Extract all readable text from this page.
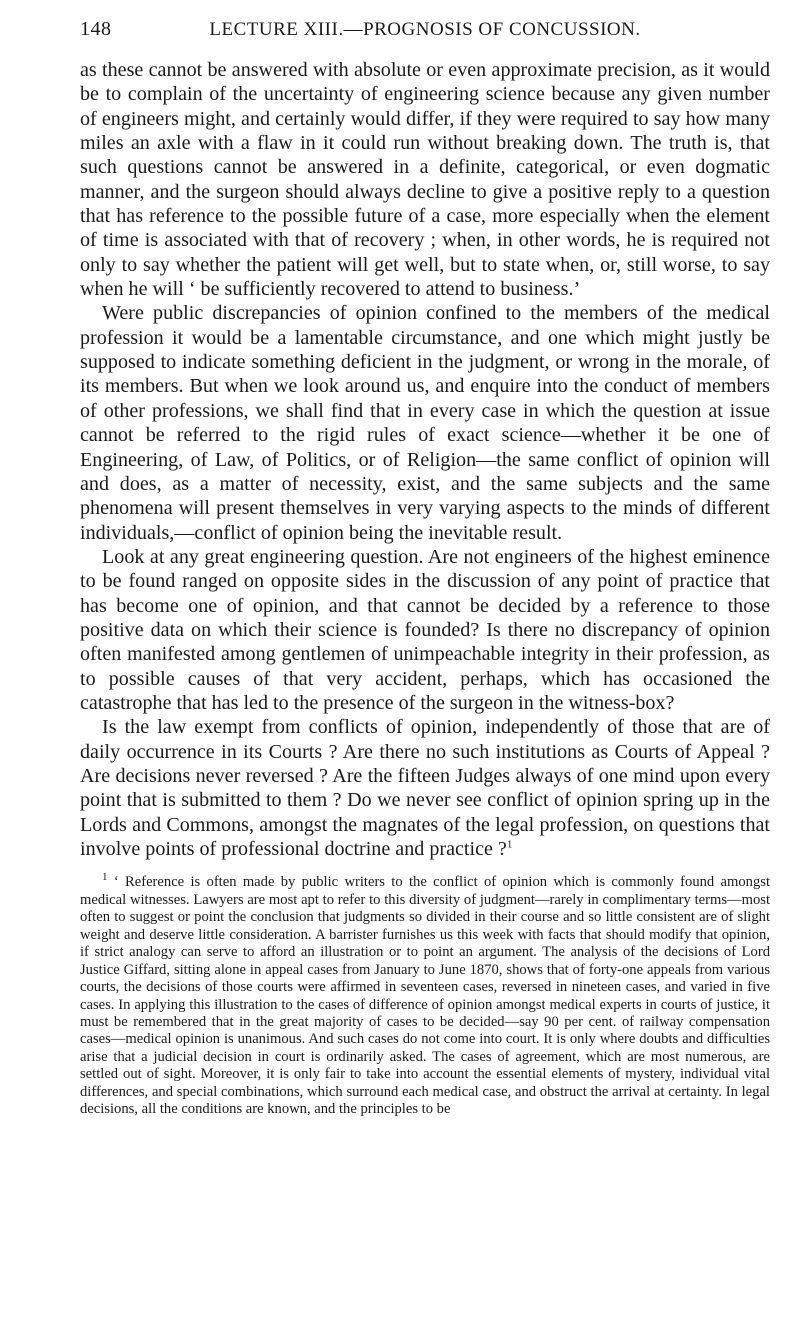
148	LECTURE XIII.—PROGNOSIS OF CONCUSSION.

as these cannot be answered with absolute or even approximate precision, as it would be to complain of the uncertainty of engineering science because any given number of engineers might, and certainly would differ, if they were required to say how many miles an axle with a flaw in it could run without breaking down. The truth is, that such questions cannot be answered in a definite, categorical, or even dogmatic manner, and the surgeon should always decline to give a positive reply to a question that has reference to the possible future of a case, more especially when the element of time is associated with that of recovery ; when, in other words, he is required not only to say whether the patient will get well, but to state when, or, still worse, to say when he will ‘ be sufficiently recovered to attend to business.’

Were public discrepancies of opinion confined to the members of the medical profession it would be a lamentable circumstance, and one which might justly be supposed to indicate something deficient in the judgment, or wrong in the morale, of its members. But when we look around us, and enquire into the conduct of members of other professions, we shall find that in every case in which the question at issue cannot be referred to the rigid rules of exact science—whether it be one of Engineering, of Law, of Politics, or of Religion—the same conflict of opinion will and does, as a matter of necessity, exist, and the same subjects and the same phenomena will present themselves in very varying aspects to the minds of different individuals,—conflict of opinion being the inevitable result.

Look at any great engineering question. Are not engineers of the highest eminence to be found ranged on opposite sides in the discussion of any point of practice that has become one of opinion, and that cannot be decided by a reference to those positive data on which their science is founded? Is there no discrepancy of opinion often manifested among gentlemen of unimpeachable integrity in their profession, as to possible causes of that very accident, perhaps, which has occasioned the catastrophe that has led to the presence of the surgeon in the witness-box?

Is the law exempt from conflicts of opinion, independently of those that are of daily occurrence in its Courts ? Are there no such institutions as Courts of Appeal ? Are decisions never reversed ? Are the fifteen Judges always of one mind upon every point that is submitted to them ? Do we never see conflict of opinion spring up in the Lords and Commons, amongst the magnates of the legal profession, on questions that involve points of professional doctrine and practice ?$^1$

$^1$ ‘ Reference is often made by public writers to the conflict of opinion which is commonly found amongst medical witnesses. Lawyers are most apt to refer to this diversity of judgment—rarely in complimentary terms—most often to suggest or point the conclusion that judgments so divided in their course and so little consistent are of slight weight and deserve little consideration. A barrister furnishes us this week with facts that should modify that opinion, if strict analogy can serve to afford an illustration or to point an argument. The analysis of the decisions of Lord Justice Giffard, sitting alone in appeal cases from January to June 1870, shows that of forty-one appeals from various courts, the decisions of those courts were affirmed in seventeen cases, reversed in nineteen cases, and varied in five cases. In applying this illustration to the cases of difference of opinion amongst medical experts in courts of justice, it must be remembered that in the great majority of cases to be decided—say 90 per cent. of railway compensation cases—medical opinion is unanimous. And such cases do not come into court. It is only where doubts and difficulties arise that a judicial decision in court is ordinarily asked. The cases of agreement, which are most numerous, are settled out of sight. Moreover, it is only fair to take into account the essential elements of mystery, individual vital differences, and special combinations, which surround each medical case, and obstruct the arrival at certainty. In legal decisions, all the conditions are known, and the principles to be
